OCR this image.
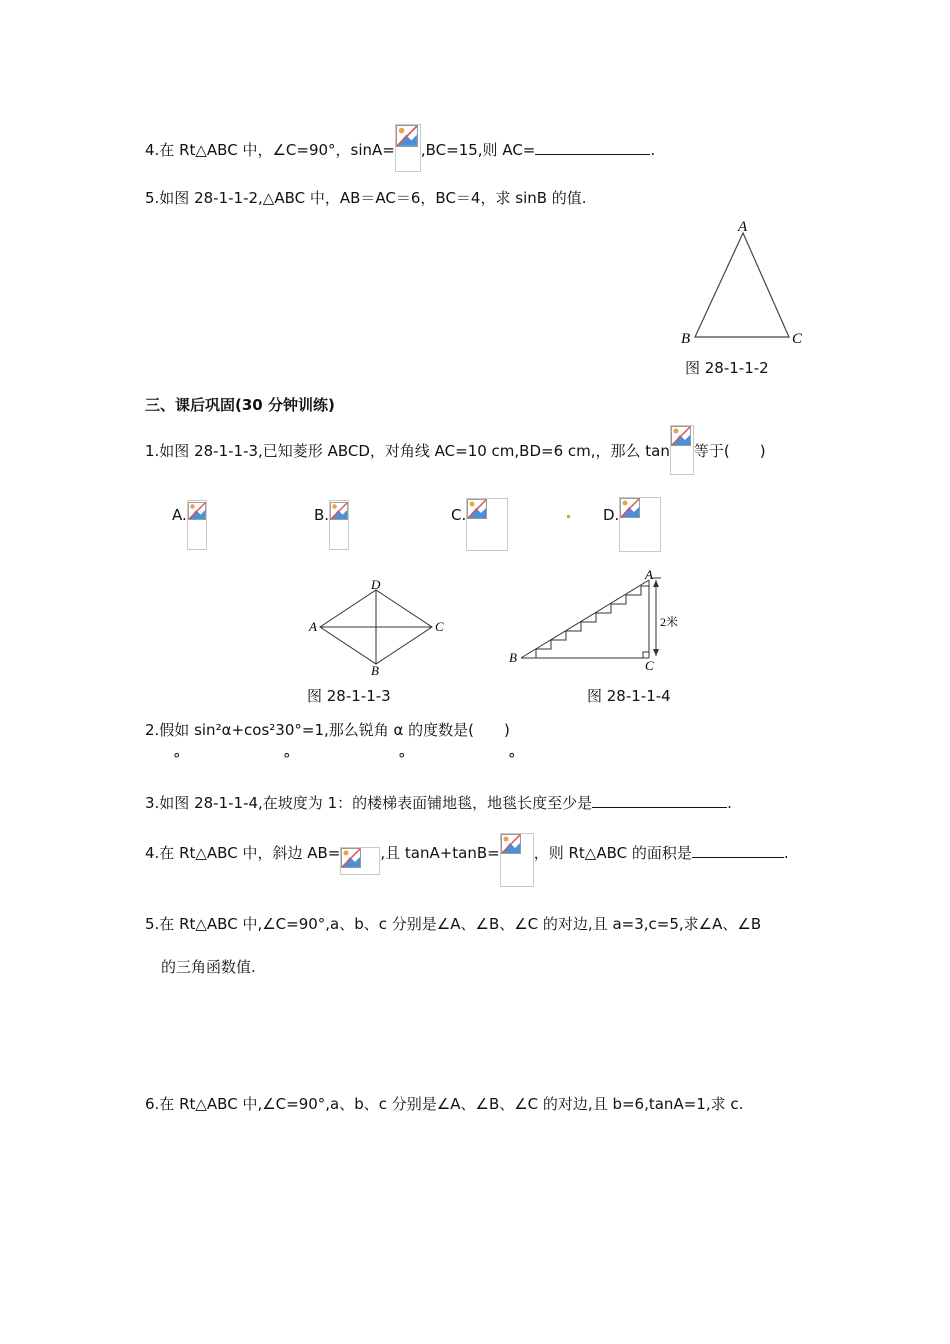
4.在 Rt△ABC 中，∠C=90°，sinA= ,BC=15,则 AC=	.
5.如图 28-1-1-2,△ABC 中，AB＝AC＝6，BC＝4，求 sinB 的值.
A
B	C
图 28-1-1-2
三、课后巩固(30 分钟训练)
1.如图 28-1-1-3,已知菱形 ABCD，对角线 AC=10 cm,BD=6 cm,，那么 tan 等于(　　)
A.	B.	C.	D.
D
A	C
B
图 28-1-1-3
A
B
C
2米
图 28-1-1-4
2.假如 sin²α+cos²30°=1,那么锐角 α 的度数是(　　)
°	°	°	°
3.如图 28-1-1-4,在坡度为 1：的楼梯表面铺地毯，地毯长度至少是	.
4.在 Rt△ABC 中，斜边 AB=	,且 tanA+tanB= ，则 Rt△ABC 的面积是	.
5.在 Rt△ABC 中,∠C=90°,a、b、c 分别是∠A、∠B、∠C 的对边,且 a=3,c=5,求∠A、∠B
的三角函数值.
6.在 Rt△ABC 中,∠C=90°,a、b、c 分别是∠A、∠B、∠C 的对边,且 b=6,tanA=1,求 c.
